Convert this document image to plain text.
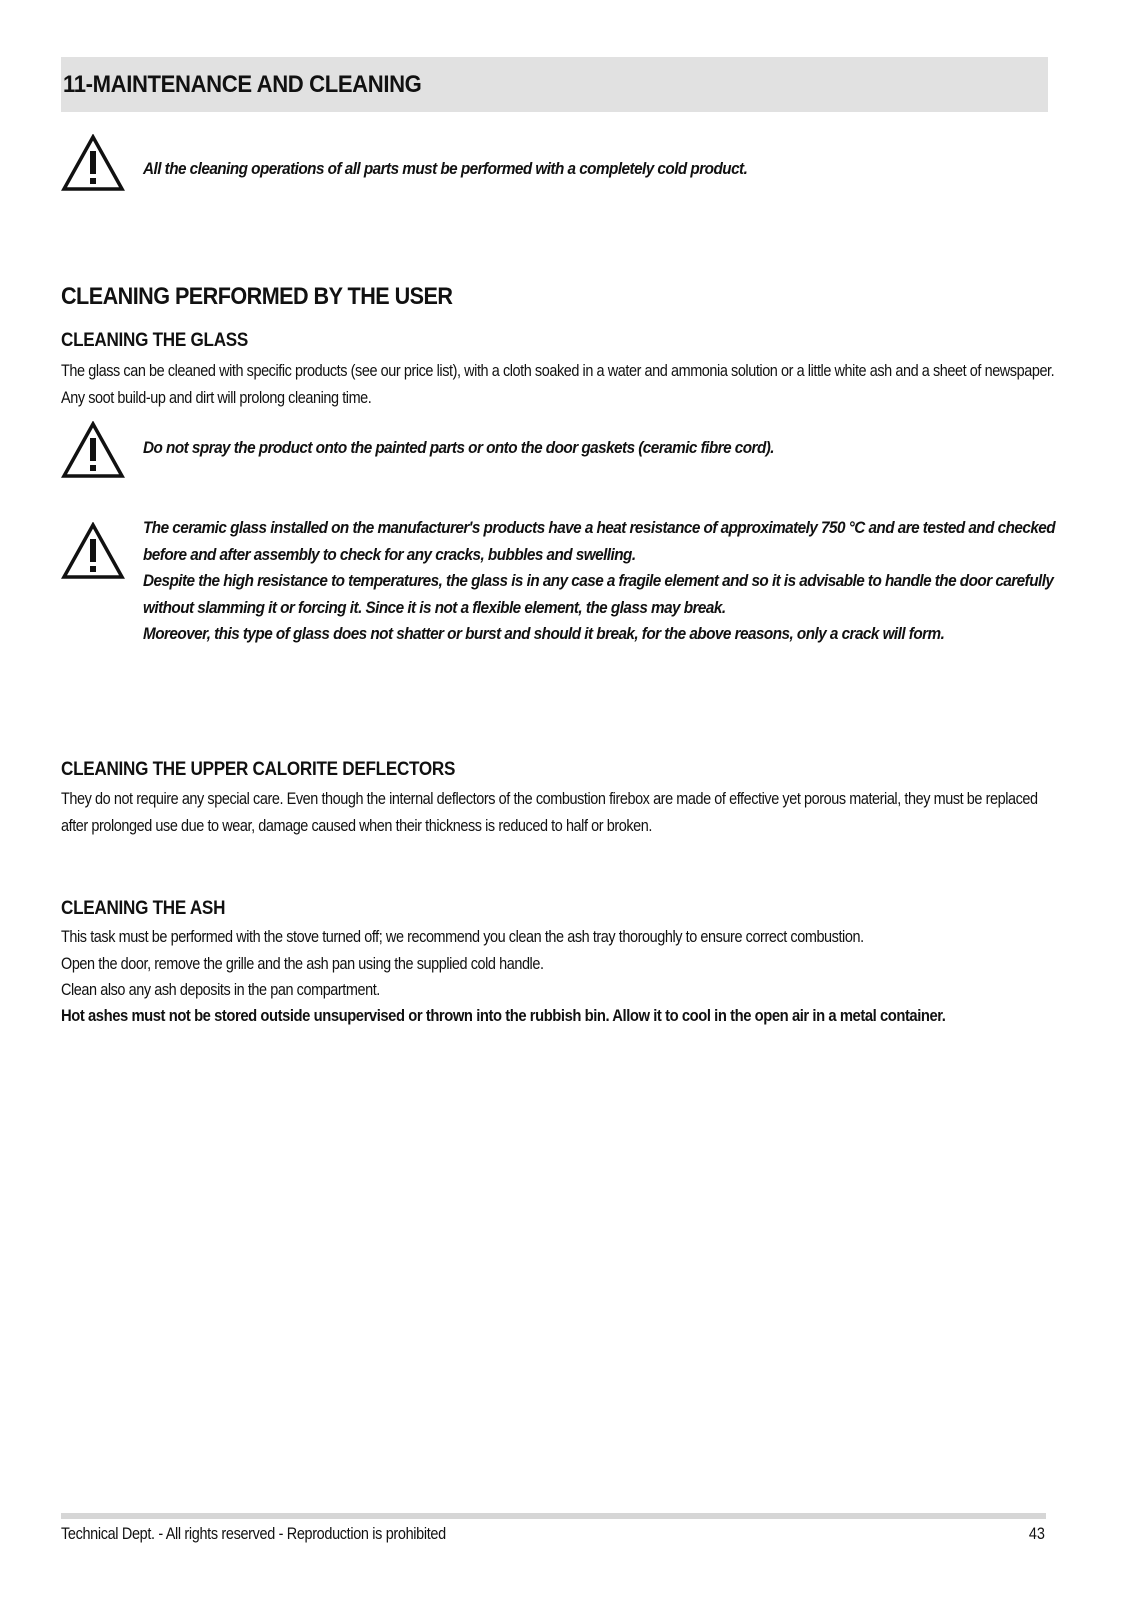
11-MAINTENANCE AND CLEANING
All the cleaning operations of all parts must be performed with a completely cold product.
CLEANING PERFORMED BY THE USER
CLEANING THE GLASS

The glass can be cleaned with specific products (see our price list), with a cloth soaked in a water and ammonia solution or a little white ash and a sheet of newspaper. Any soot build-up and dirt will prolong cleaning time.

Do not spray the product onto the painted parts or onto the door gaskets (ceramic fibre cord).

The ceramic glass installed on the manufacturer's products have a heat resistance of approximately 750 °C and are tested and checked before and after assembly to check for any cracks, bubbles and swelling.

Despite the high resistance to temperatures, the glass is in any case a fragile element and so it is advisable to handle the door carefully without slamming it or forcing it. Since it is not a flexible element, the glass may break.

Moreover, this type of glass does not shatter or burst and should it break, for the above reasons, only a crack will form.

CLEANING THE UPPER CALORITE DEFLECTORS

They do not require any special care. Even though the internal deflectors of the combustion firebox are made of effective yet porous material, they must be replaced after prolonged use due to wear, damage caused when their thickness is reduced to half or broken.

CLEANING THE ASH

This task must be performed with the stove turned off; we recommend you clean the ash tray thoroughly to ensure correct combustion.

Open the door, remove the grille and the ash pan using the supplied cold handle.

Clean also any ash deposits in the pan compartment.

Hot ashes must not be stored outside unsupervised or thrown into the rubbish bin. Allow it to cool in the open air in a metal container.

Technical Dept. - All rights reserved - Reproduction is prohibited	43
